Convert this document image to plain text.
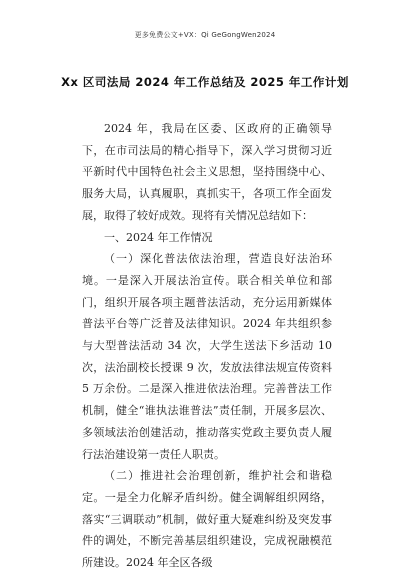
更多免费公文+VX：Qi GeGongWen2024
Xx 区司法局 2024 年工作总结及 2025 年工作计划

2024 年，我局在区委、区政府的正确领导下，在市司法局的精心指导下，深入学习贯彻习近平新时代中国特色社会主义思想，坚持围绕中心、服务大局，认真履职，真抓实干，各项工作全面发展，取得了较好成效。现将有关情况总结如下：

一、2024 年工作情况

（一）深化普法依法治理，营造良好法治环境。一是深入开展法治宣传。联合相关单位和部门，组织开展各项主题普法活动，充分运用新媒体普法平台等广泛普及法律知识。2024 年共组织参与大型普法活动 34 次，大学生送法下乡活动 10 次，法治副校长授课 9 次，发放法律法规宣传资料 5 万余份。二是深入推进依法治理。完善普法工作机制，健全“谁执法谁普法”责任制，开展多层次、多领域法治创建活动，推动落实党政主要负责人履行法治建设第一责任人职责。

（二）推进社会治理创新，维护社会和谐稳定。一是全力化解矛盾纠纷。健全调解组织网络，落实“三调联动”机制，做好重大疑难纠纷及突发事件的调处，不断完善基层组织建设，完成祝融模范所建设。2024 年全区各级
